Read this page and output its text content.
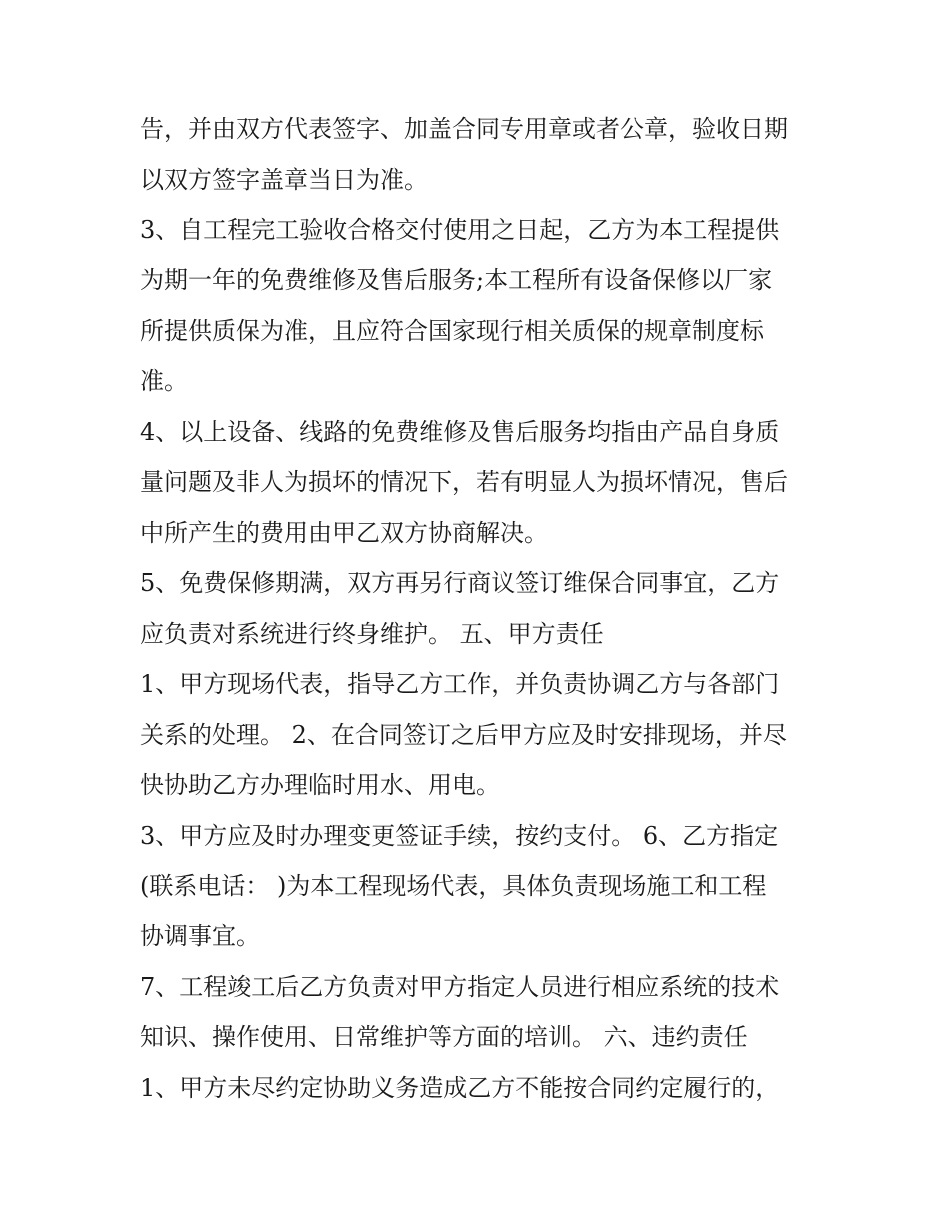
告，并由双方代表签字、加盖合同专用章或者公章，验收日期
以双方签字盖章当日为准。
3、自工程完工验收合格交付使用之日起，乙方为本工程提供
为期一年的免费维修及售后服务;本工程所有设备保修以厂家
所提供质保为准，且应符合国家现行相关质保的规章制度标
准。
4、以上设备、线路的免费维修及售后服务均指由产品自身质
量问题及非人为损坏的情况下，若有明显人为损坏情况，售后
中所产生的费用由甲乙双方协商解决。
5、免费保修期满，双方再另行商议签订维保合同事宜，乙方
应负责对系统进行终身维护。 五、甲方责任
1、甲方现场代表，指导乙方工作，并负责协调乙方与各部门
关系的处理。 2、在合同签订之后甲方应及时安排现场，并尽
快协助乙方办理临时用水、用电。
3、甲方应及时办理变更签证手续，按约支付。 6、乙方指定
(联系电话： )为本工程现场代表，具体负责现场施工和工程
协调事宜。
7、工程竣工后乙方负责对甲方指定人员进行相应系统的技术
知识、操作使用、日常维护等方面的培训。 六、违约责任
1、甲方未尽约定协助义务造成乙方不能按合同约定履行的，
